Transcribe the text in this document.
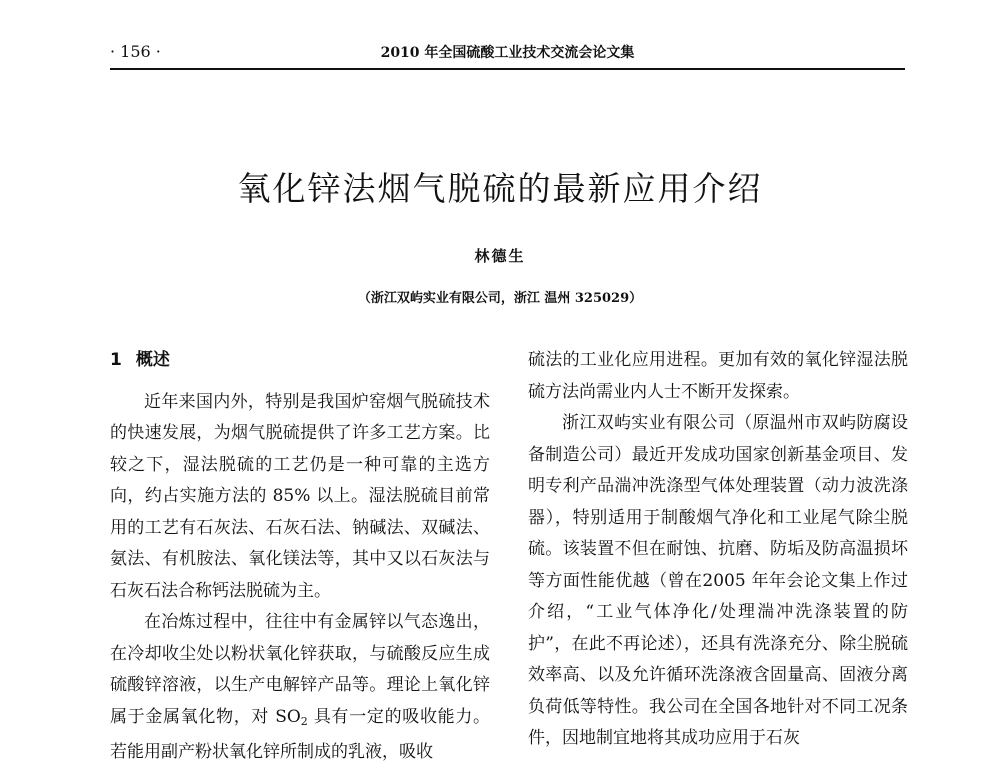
· 156 ·	2010 年全国硫酸工业技术交流会论文集
氧化锌法烟气脱硫的最新应用介绍
林德生
（浙江双屿实业有限公司，浙江 温州 325029）

1 概述

近年来国内外，特别是我国炉窑烟气脱硫技术的快速发展，为烟气脱硫提供了许多工艺方案。比较之下，湿法脱硫的工艺仍是一种可靠的主选方向，约占实施方法的 85% 以上。湿法脱硫目前常用的工艺有石灰法、石灰石法、钠碱法、双碱法、氨法、有机胺法、氧化镁法等，其中又以石灰法与石灰石法合称钙法脱硫为主。

在冶炼过程中，往往中有金属锌以气态逸出，在冷却收尘处以粉状氧化锌获取，与硫酸反应生成硫酸锌溶液，以生产电解锌产品等。理论上氧化锌属于金属氧化物，对 $SO_2$ 具有一定的吸收能力。若能用副产粉状氧化锌所制成的乳液，吸收

硫法的工业化应用进程。更加有效的氧化锌湿法脱硫方法尚需业内人士不断开发探索。

浙江双屿实业有限公司（原温州市双屿防腐设备制造公司）最近开发成功国家创新基金项目、发明专利产品湍冲洗涤型气体处理装置（动力波洗涤器），特别适用于制酸烟气净化和工业尾气除尘脱硫。该装置不但在耐蚀、抗磨、防垢及防高温损坏等方面性能优越（曾在2005 年年会论文集上作过介绍，“工业气体净化/处理湍冲洗涤装置的防护”，在此不再论述），还具有洗涤充分、除尘脱硫效率高、以及允许循环洗涤液含固量高、固液分离负荷低等特性。我公司在全国各地针对不同工况条件，因地制宜地将其成功应用于石灰
